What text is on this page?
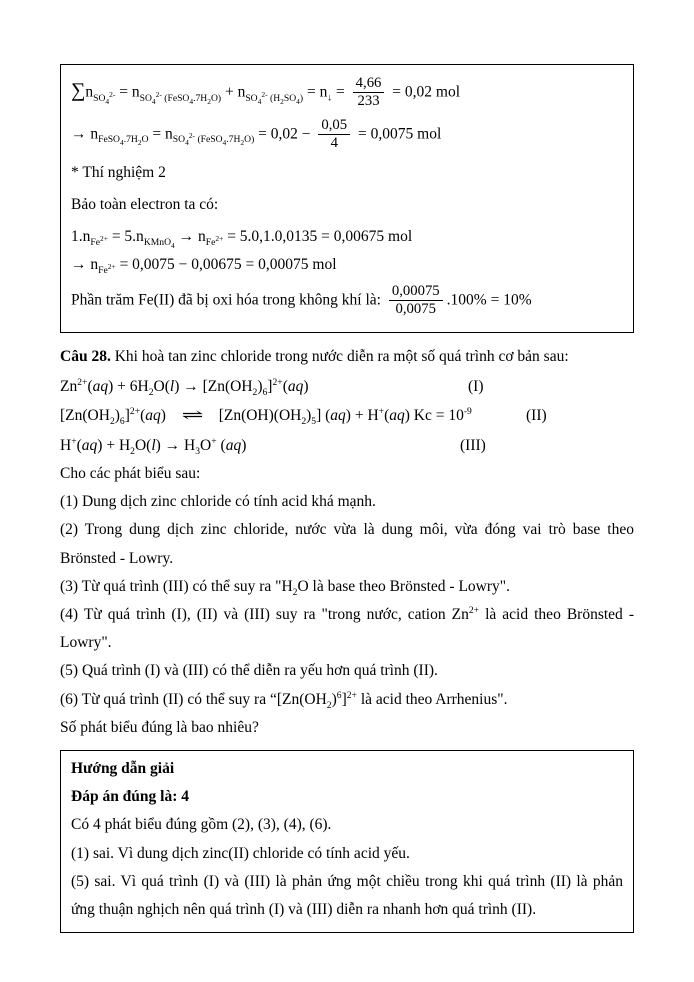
$\sum n_{SO_4^{2-}} = n_{SO_4^{2-} (FeSO_4.7H_2O)} + n_{SO_4^{2-} (H_2SO_4)} = n_↓ = \frac{4,66}{233} = 0,02$ mol

→ $n_{FeSO_4.7H_2O} = n_{SO_4^{2-} (FeSO_4.7H_2O)} = 0,02 - \frac{0,05}{4} = 0,0075$ mol

* Thí nghiệm 2

Bảo toàn electron ta có:

$1.n_{Fe^{2+}} = 5.n_{KMnO_4} \to n_{Fe^{2+}} = 5.0,1.0,0135 = 0,00675$ mol

→ $n_{Fe^{2+}} = 0,0075 - 0,00675 = 0,00075$ mol

Phần trăm Fe(II) đã bị oxi hóa trong không khí là: $\frac{0,00075}{0,0075} .100\% = 10\%$

Câu 28. Khi hoà tan zinc chloride trong nước diễn ra một số quá trình cơ bản sau:

$Zn^{2+}(aq) + 6H_2O(l) \to [Zn(OH_2)_6]^{2+}(aq)$	(I)
$[Zn(OH_2)_6]^{2+}(aq)$ ⇌ $[Zn(OH)(OH_2)_5] (aq) + H^+(aq) Kc = 10^{-9}$	(II)
$H^+(aq) + H_2O(l) \to H_3O^+$ (aq)	(III)

Cho các phát biểu sau:

(1) Dung dịch zinc chloride có tính acid khá mạnh.

(2) Trong dung dịch zinc chloride, nước vừa là dung môi, vừa đóng vai trò base theo Brönsted - Lowry.

(3) Từ quá trình (III) có thể suy ra "$H_2O$ là base theo Brönsted - Lowry".

(4) Từ quá trình (I), (II) và (III) suy ra "trong nước, cation $Zn^{2+}$ là acid theo Brönsted - Lowry".

(5) Quá trình (I) và (III) có thể diễn ra yếu hơn quá trình (II).

(6) Từ quá trình (II) có thể suy ra “$[Zn(OH_2)^6]^{2+}$ là acid theo Arrhenius".

Số phát biểu đúng là bao nhiêu?

Hướng dẫn giải

Đáp án đúng là: 4

Có 4 phát biểu đúng gồm (2), (3), (4), (6).

(1) sai. Vì dung dịch zinc(II) chloride có tính acid yếu.

(5) sai. Vì quá trình (I) và (III) là phản ứng một chiều trong khi quá trình (II) là phản ứng thuận nghịch nên quá trình (I) và (III) diễn ra nhanh hơn quá trình (II).
